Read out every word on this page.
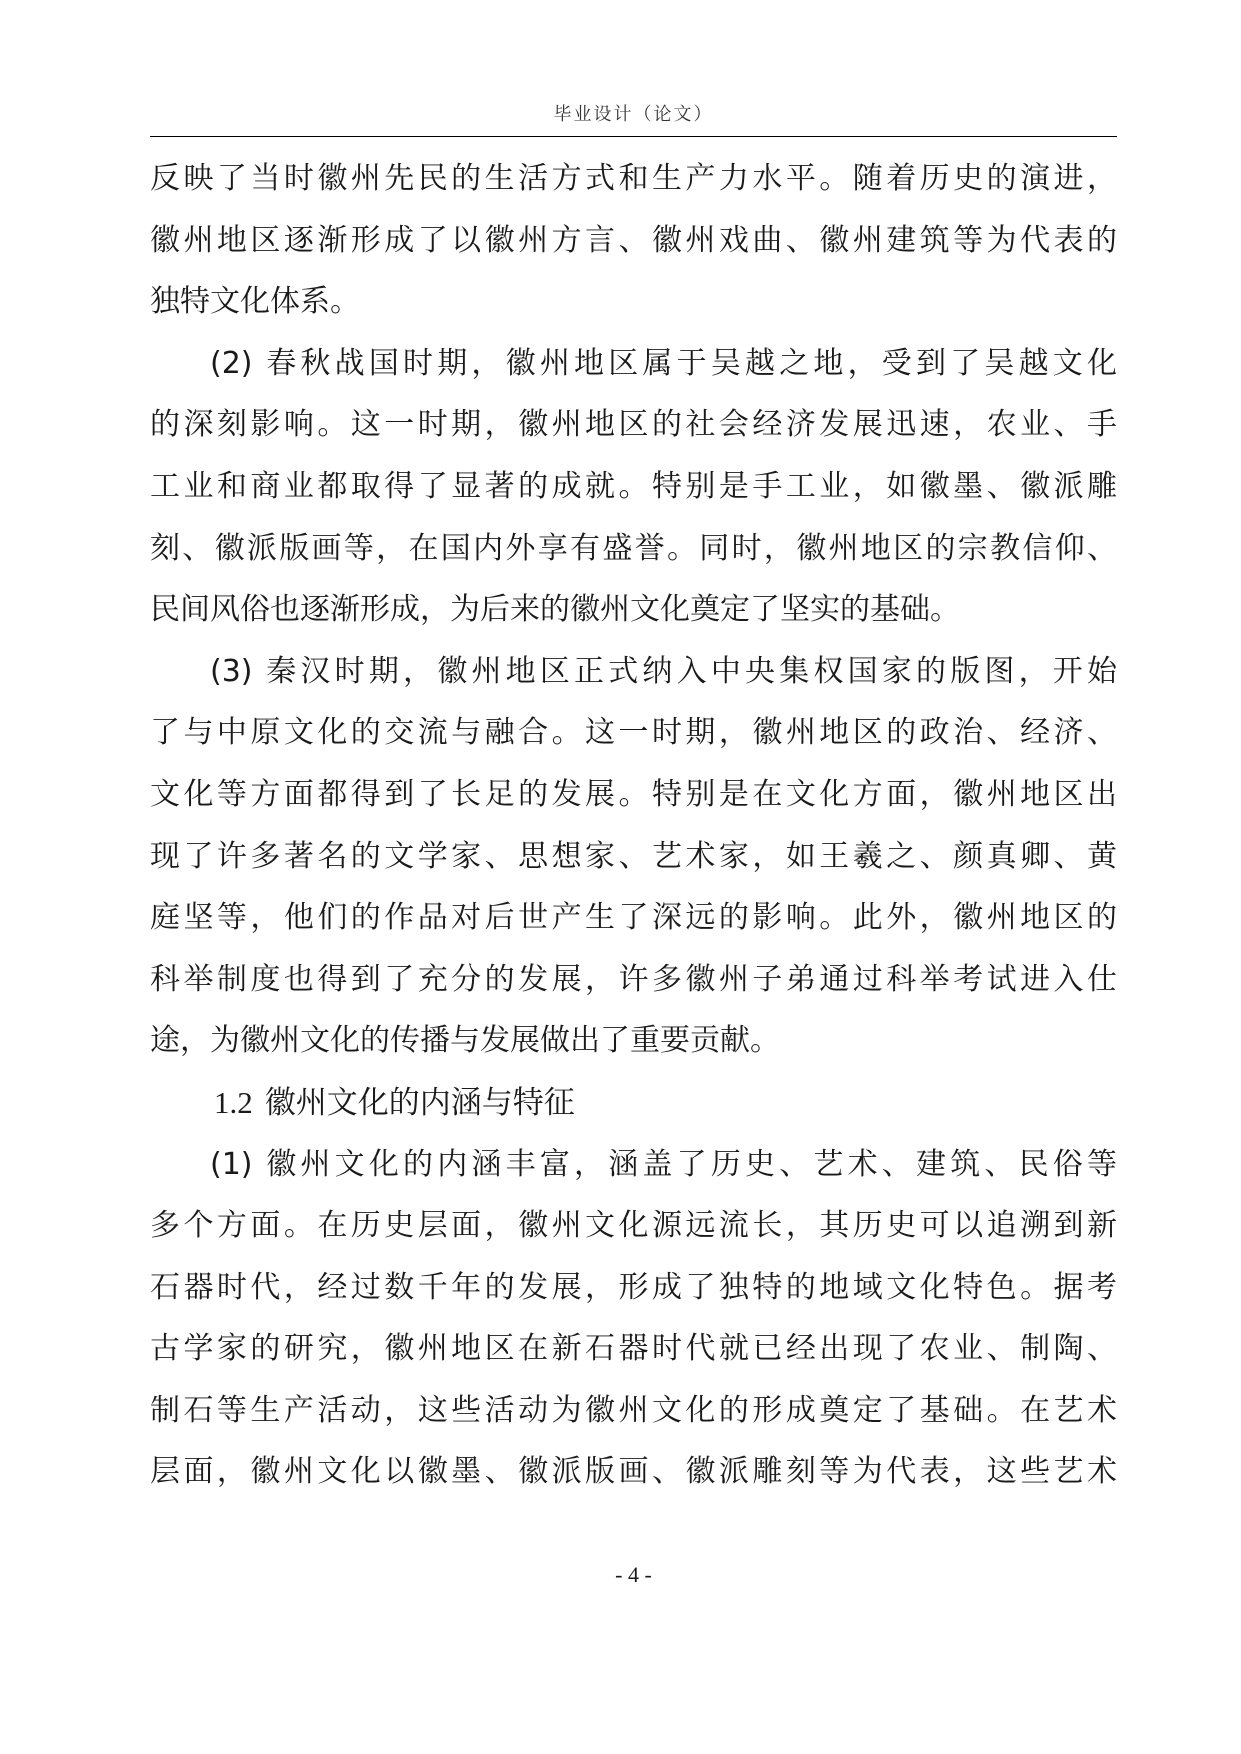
毕业设计（论文）
反映了当时徽州先民的生活方式和生产力水平。随着历史的演进，
徽州地区逐渐形成了以徽州方言、徽州戏曲、徽州建筑等为代表的
独特文化体系。
(2) 春秋战国时期，徽州地区属于吴越之地，受到了吴越文化
的深刻影响。这一时期，徽州地区的社会经济发展迅速，农业、手
工业和商业都取得了显著的成就。特别是手工业，如徽墨、徽派雕
刻、徽派版画等，在国内外享有盛誉。同时，徽州地区的宗教信仰、
民间风俗也逐渐形成，为后来的徽州文化奠定了坚实的基础。
(3) 秦汉时期，徽州地区正式纳入中央集权国家的版图，开始
了与中原文化的交流与融合。这一时期，徽州地区的政治、经济、
文化等方面都得到了长足的发展。特别是在文化方面，徽州地区出
现了许多著名的文学家、思想家、艺术家，如王羲之、颜真卿、黄
庭坚等，他们的作品对后世产生了深远的影响。此外，徽州地区的
科举制度也得到了充分的发展，许多徽州子弟通过科举考试进入仕
途，为徽州文化的传播与发展做出了重要贡献。
1.2 徽州文化的内涵与特征
(1) 徽州文化的内涵丰富，涵盖了历史、艺术、建筑、民俗等
多个方面。在历史层面，徽州文化源远流长，其历史可以追溯到新
石器时代，经过数千年的发展，形成了独特的地域文化特色。据考
古学家的研究，徽州地区在新石器时代就已经出现了农业、制陶、
制石等生产活动，这些活动为徽州文化的形成奠定了基础。在艺术
层面，徽州文化以徽墨、徽派版画、徽派雕刻等为代表，这些艺术
- 4 -
